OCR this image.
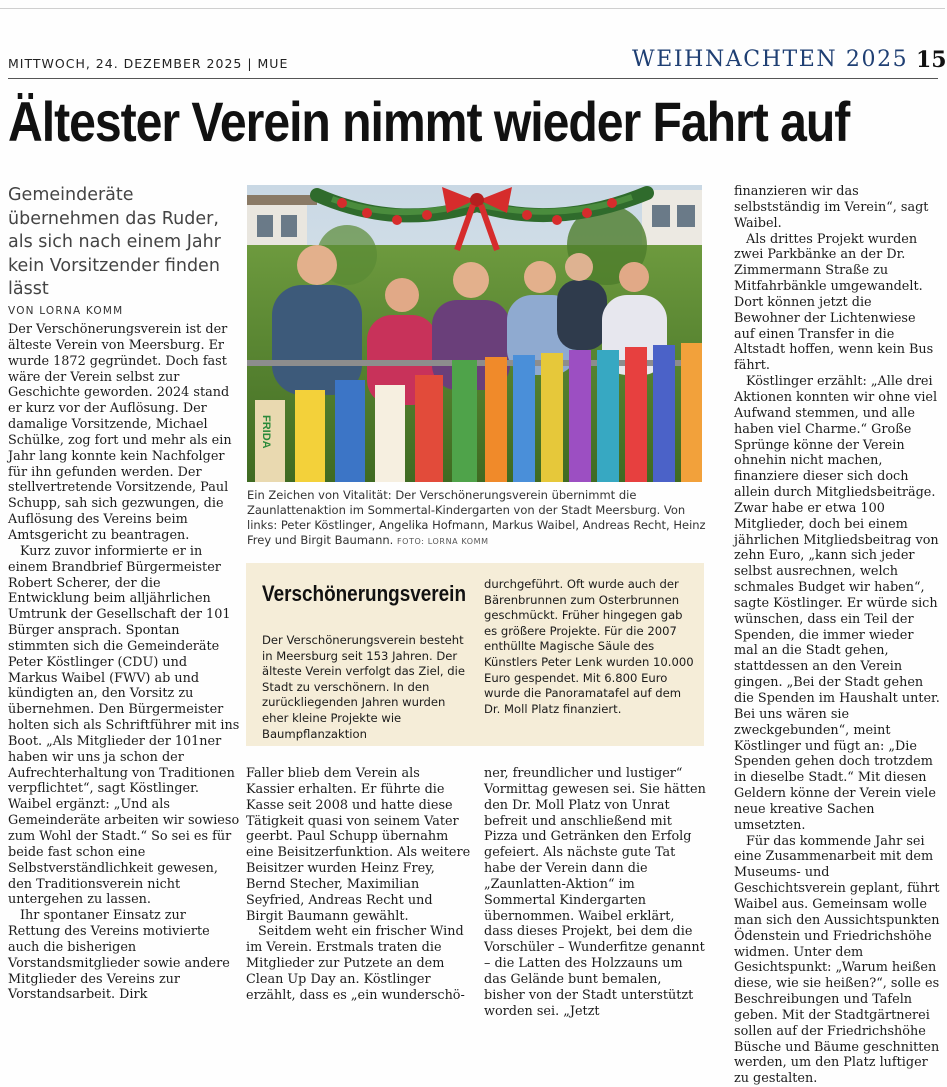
MITTWOCH, 24. DEZEMBER 2025 | MUE	WEIHNACHTEN 2025 15
Ältester Verein nimmt wieder Fahrt auf
Gemeinderäte übernehmen das Ruder, als sich nach einem Jahr kein Vorsitzender finden lässt
VON LORNA KOMM

Der Verschönerungsverein ist der älteste Verein von Meersburg. Er wurde 1872 gegründet. Doch fast wäre der Verein selbst zur Geschichte geworden. 2024 stand er kurz vor der Auflösung. Der damalige Vorsitzende, Michael Schülke, zog fort und mehr als ein Jahr lang konnte kein Nachfolger für ihn gefunden werden. Der stellvertretende Vorsitzende, Paul Schupp, sah sich gezwungen, die Auflösung des Vereins beim Amtsgericht zu beantragen.

Kurz zuvor informierte er in einem Brandbrief Bürgermeister Robert Scherer, der die Entwicklung beim alljährlichen Umtrunk der Gesellschaft der 101 Bürger ansprach. Spontan stimmten sich die Gemeinderäte Peter Köstlinger (CDU) und Markus Waibel (FWV) ab und kündigten an, den Vorsitz zu übernehmen. Den Bürgermeister holten sich als Schriftführer mit ins Boot. „Als Mitglieder der 101ner haben wir uns ja schon der Aufrechterhaltung von Traditionen verpflichtet“, sagt Köstlinger. Waibel ergänzt: „Und als Gemeinderäte arbeiten wir sowieso zum Wohl der Stadt.“ So sei es für beide fast schon eine Selbstverständlichkeit gewesen, den Traditionsverein nicht untergehen zu lassen.

Ihr spontaner Einsatz zur Rettung des Vereins motivierte auch die bisherigen Vorstandsmitglieder sowie andere Mitglieder des Vereins zur Vorstandsarbeit. Dirk

FRIDA
Ein Zeichen von Vitalität: Der Verschönerungsverein übernimmt die Zaunlattenaktion im Sommertal-Kindergarten von der Stadt Meersburg. Von links: Peter Köstlinger, Angelika Hofmann, Markus Waibel, Andreas Recht, Heinz Frey und Birgit Baumann. FOTO: LORNA KOMM
Verschönerungsverein
Der Verschönerungsverein besteht in Meersburg seit 153 Jahren. Der älteste Verein verfolgt das Ziel, die Stadt zu verschönern. In den zurückliegenden Jahren wurden eher kleine Projekte wie Baumpflanzaktion
durchgeführt. Oft wurde auch der Bärenbrunnen zum Osterbrunnen geschmückt. Früher hingegen gab es größere Projekte. Für die 2007 enthüllte Magische Säule des Künstlers Peter Lenk wurden 10.000 Euro gespendet. Mit 6.800 Euro wurde die Panoramatafel auf dem Dr. Moll Platz finanziert.

Faller blieb dem Verein als Kassier erhalten. Er führte die Kasse seit 2008 und hatte diese Tätigkeit quasi von seinem Vater geerbt. Paul Schupp übernahm eine Beisitzerfunktion. Als weitere Beisitzer wurden Heinz Frey, Bernd Stecher, Maximilian Seyfried, Andreas Recht und Birgit Baumann gewählt.

Seitdem weht ein frischer Wind im Verein. Erstmals traten die Mitglieder zur Putzete an dem Clean Up Day an. Köstlinger erzählt, dass es „ein wunderschö-

ner, freundlicher und lustiger“ Vormittag gewesen sei. Sie hätten den Dr. Moll Platz von Unrat befreit und anschließend mit Pizza und Getränken den Erfolg gefeiert. Als nächste gute Tat habe der Verein dann die „Zaunlatten-Aktion“ im Sommertal Kindergarten übernommen. Waibel erklärt, dass dieses Projekt, bei dem die Vorschüler – Wunderfitze genannt – die Latten des Holzzauns um das Gelände bunt bemalen, bisher von der Stadt unterstützt worden sei. „Jetzt

finanzieren wir das selbstständig im Verein“, sagt Waibel.

Als drittes Projekt wurden zwei Parkbänke an der Dr. Zimmermann Straße zu Mitfahrbänkle umgewandelt. Dort können jetzt die Bewohner der Lichtenwiese auf einen Transfer in die Altstadt hoffen, wenn kein Bus fährt.

Köstlinger erzählt: „Alle drei Aktionen konnten wir ohne viel Aufwand stemmen, und alle haben viel Charme.“ Große Sprünge könne der Verein ohnehin nicht machen, finanziere dieser sich doch allein durch Mitgliedsbeiträge. Zwar habe er etwa 100 Mitglieder, doch bei einem jährlichen Mitgliedsbeitrag von zehn Euro, „kann sich jeder selbst ausrechnen, welch schmales Budget wir haben“, sagte Köstlinger. Er würde sich wünschen, dass ein Teil der Spenden, die immer wieder mal an die Stadt gehen, stattdessen an den Verein gingen. „Bei der Stadt gehen die Spenden im Haushalt unter. Bei uns wären sie zweckgebunden“, meint Köstlinger und fügt an: „Die Spenden gehen doch trotzdem in dieselbe Stadt.“ Mit diesen Geldern könne der Verein viele neue kreative Sachen umsetzten.

Für das kommende Jahr sei eine Zusammenarbeit mit dem Museums- und Geschichtsverein geplant, führt Waibel aus. Gemeinsam wolle man sich den Aussichtspunkten Ödenstein und Friedrichshöhe widmen. Unter dem Gesichtspunkt: „Warum heißen diese, wie sie heißen?“, solle es Beschreibungen und Tafeln geben. Mit der Stadtgärtnerei sollen auf der Friedrichshöhe Büsche und Bäume geschnitten werden, um den Platz luftiger zu gestalten.
